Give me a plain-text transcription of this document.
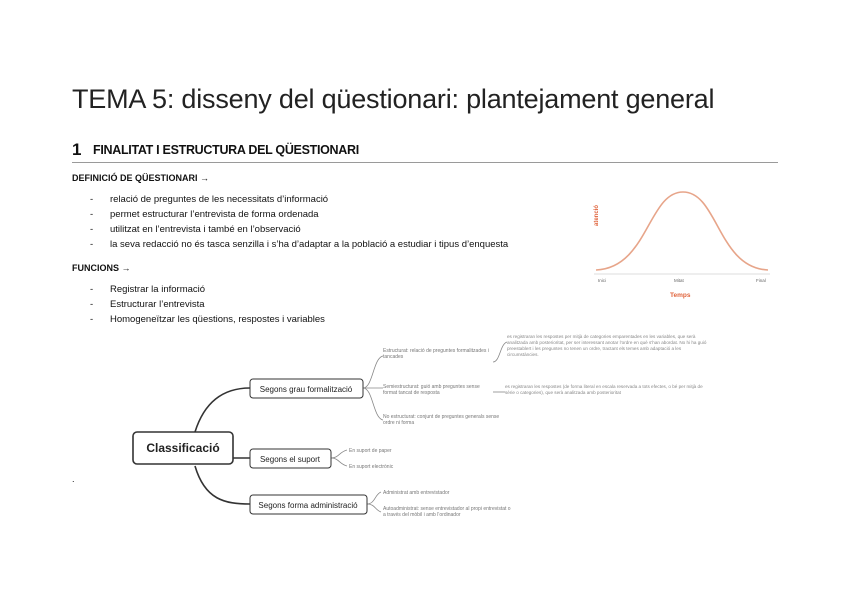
TEMA 5: disseny del qüestionari: plantejament general
1 FINALITAT I ESTRUCTURA DEL QÜESTIONARI
DEFINICIÓ DE QÜESTIONARI →
- relació de preguntes de les necessitats d’informació
- permet estructurar l’entrevista de forma ordenada
- utilitzat en l’entrevista i també en l’observació
- la seva redacció no és tasca senzilla i s’ha d’adaptar a la població a estudiar i tipus d’enquesta
FUNCIONS →
- Registrar la informació
- Estructurar l’entrevista
- Homogeneïtzar les qüestions, respostes i variables
atenció
Inici	Mitat	Final
Temps
Classificació
Segons grau formalització
Segons el suport
Segons forma administració
Estructurat: relació de preguntes formalitzades i tancades
es registraran les respostes per mitjà de categories emparentades en les variables, que serà analitzada amb posterioritat, per ser interessant anotar l’ordre en què s’han abordat. No hi ha guió preestablert i les preguntes no tenen un ordre, tractant els temes amb adaptació a les circumstàncies.
Semiestructurat: guió amb preguntes sense format tancat de resposta
es registraran les respostes (de forma literal en escala reservada a tots efectes, o bé per mitjà de sèrie o categories), que serà analitzada amb posterioritat
No estructurat: conjunt de preguntes generals sense ordre ni forma
En suport de paper
En suport electrònic
Administrat amb entrevistador
Autoadministrat: sense entrevistador al propi entrevistat o a través del mòbil i amb l’ordinador
.
